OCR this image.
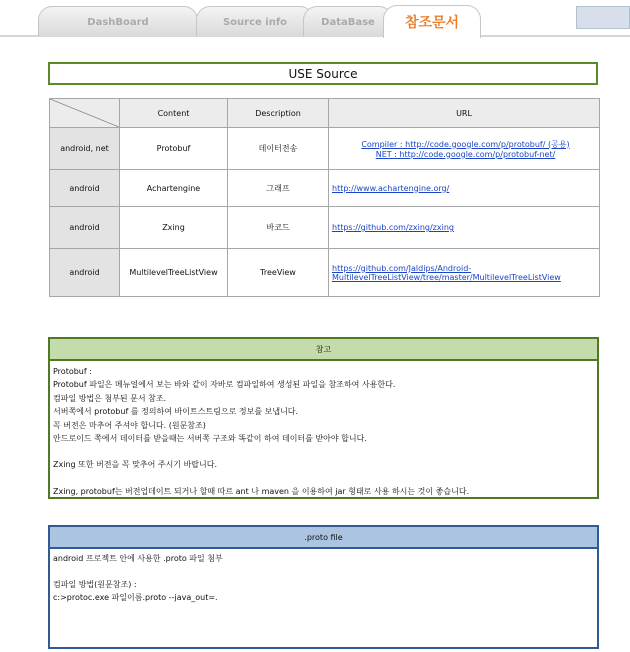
DashBoard	Source info	DataBase	참조문서
USE Source
	Content	Description	URL
android, net	Protobuf	데이터전송	Compiler : http://code.google.com/p/protobuf/ (공용)
NET : http://code.google.com/p/protobuf-net/
android	Achartengine	그래프	http://www.achartengine.org/
android	Zxing	바코드	https://github.com/zxing/zxing
android	MultilevelTreeListView	TreeView	https://github.com/Jaldips/Android-
MultilevelTreeListView/tree/master/MultilevelTreeListView
참고
Protobuf :
Protobuf 파일은 메뉴얼에서 보는 바와 같이 자바로 컴파일하여 생성된 파일을 참조하여 사용한다.
컴파일 방법은 첨부된 문서 참조.
서버쪽에서 protobuf 를 정의하여 바이트스트림으로 정보를 보냅니다.
꼭 버전은 마추어 주셔야 합니다. (원문참조)
안드로이드 쪽에서 데이터를 받을때는 서버쪽 구조와 똑같이 하여 데이터를 받아야 합니다.
Zxing 또한 버전을 꼭 맞추어 주시기 바랍니다.
Zxing, protobuf는 버전업데이트 되거나 할때 따르 ant 나 maven 을 이용하여 jar 형태로 사용 하시는 것이 좋습니다.
.proto file
android 프로젝트 안에 사용한 .proto 파일 첨부
컴파일 방법(원문참조) :
c:>protoc.exe 파일이름.proto --java_out=.
